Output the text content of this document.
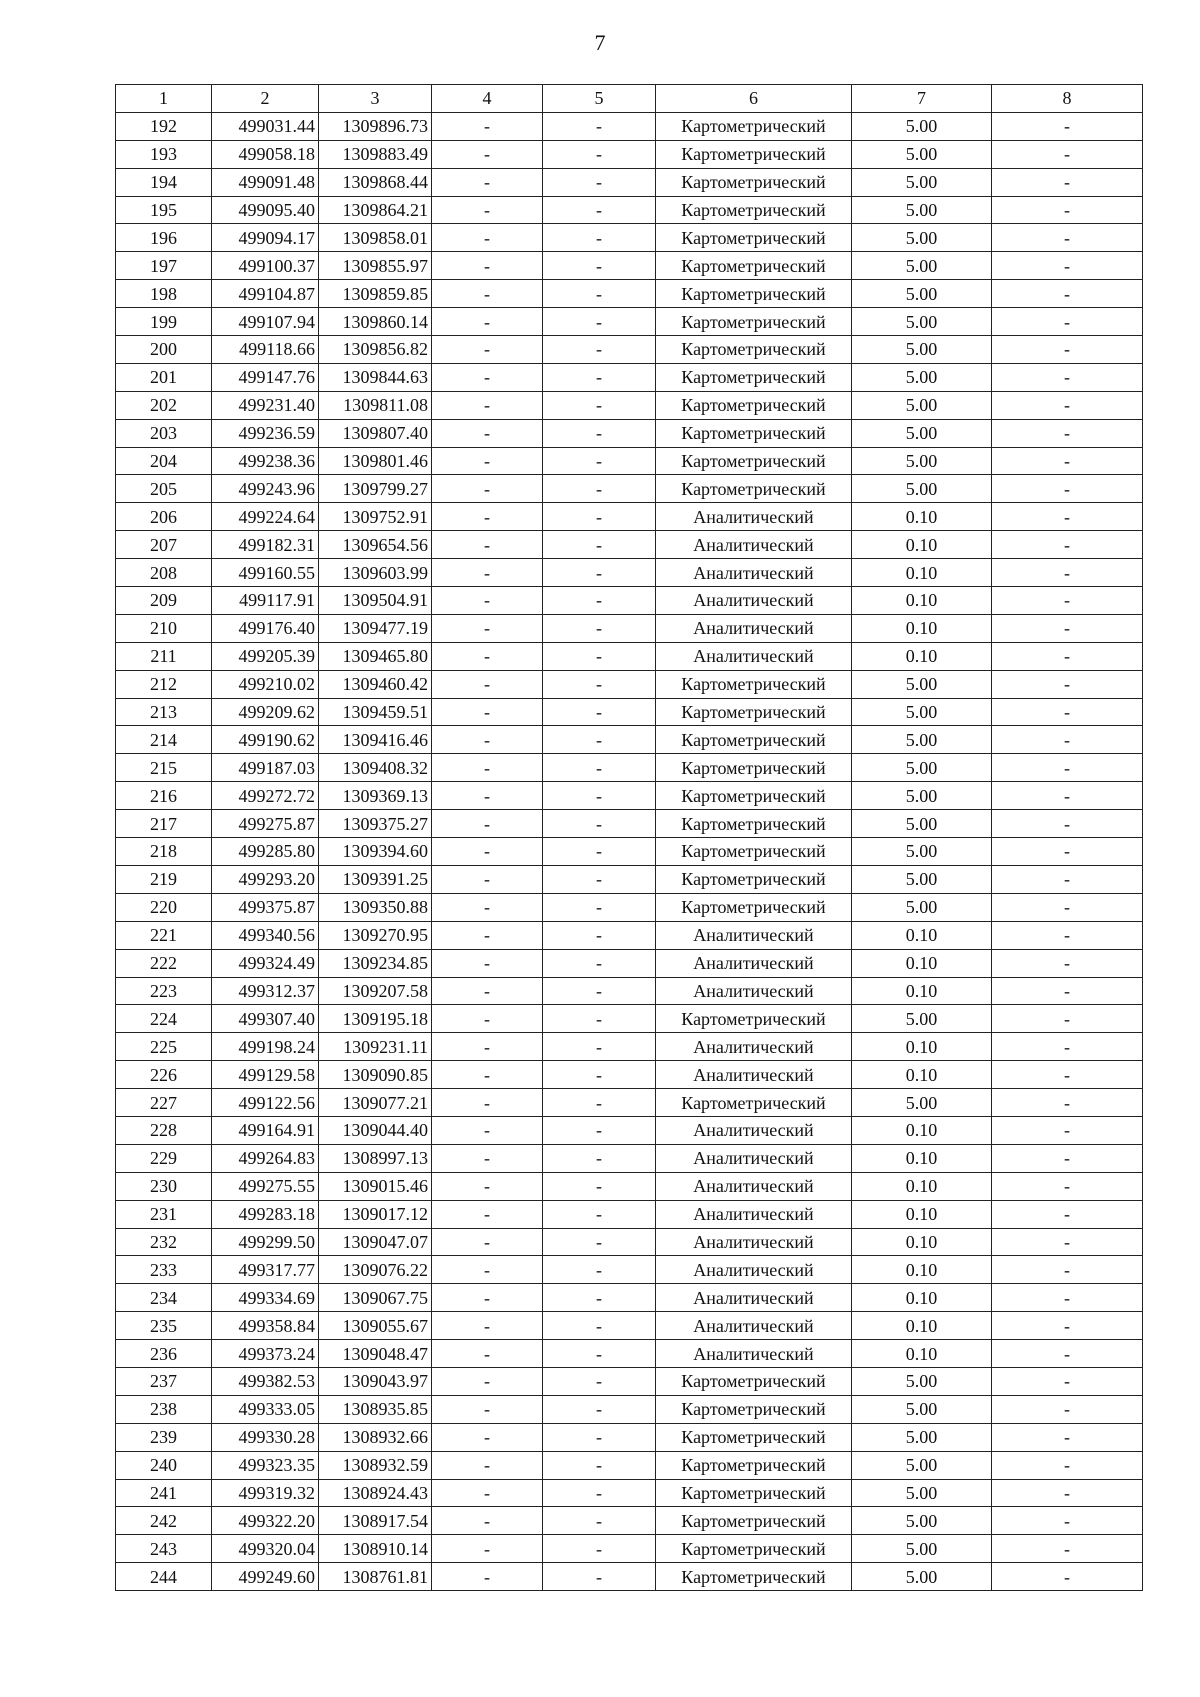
7
1	2	3	4	5	6	7	8
192	499031.44	1309896.73	-	-	Картометрический	5.00	-
193	499058.18	1309883.49	-	-	Картометрический	5.00	-
194	499091.48	1309868.44	-	-	Картометрический	5.00	-
195	499095.40	1309864.21	-	-	Картометрический	5.00	-
196	499094.17	1309858.01	-	-	Картометрический	5.00	-
197	499100.37	1309855.97	-	-	Картометрический	5.00	-
198	499104.87	1309859.85	-	-	Картометрический	5.00	-
199	499107.94	1309860.14	-	-	Картометрический	5.00	-
200	499118.66	1309856.82	-	-	Картометрический	5.00	-
201	499147.76	1309844.63	-	-	Картометрический	5.00	-
202	499231.40	1309811.08	-	-	Картометрический	5.00	-
203	499236.59	1309807.40	-	-	Картометрический	5.00	-
204	499238.36	1309801.46	-	-	Картометрический	5.00	-
205	499243.96	1309799.27	-	-	Картометрический	5.00	-
206	499224.64	1309752.91	-	-	Аналитический	0.10	-
207	499182.31	1309654.56	-	-	Аналитический	0.10	-
208	499160.55	1309603.99	-	-	Аналитический	0.10	-
209	499117.91	1309504.91	-	-	Аналитический	0.10	-
210	499176.40	1309477.19	-	-	Аналитический	0.10	-
211	499205.39	1309465.80	-	-	Аналитический	0.10	-
212	499210.02	1309460.42	-	-	Картометрический	5.00	-
213	499209.62	1309459.51	-	-	Картометрический	5.00	-
214	499190.62	1309416.46	-	-	Картометрический	5.00	-
215	499187.03	1309408.32	-	-	Картометрический	5.00	-
216	499272.72	1309369.13	-	-	Картометрический	5.00	-
217	499275.87	1309375.27	-	-	Картометрический	5.00	-
218	499285.80	1309394.60	-	-	Картометрический	5.00	-
219	499293.20	1309391.25	-	-	Картометрический	5.00	-
220	499375.87	1309350.88	-	-	Картометрический	5.00	-
221	499340.56	1309270.95	-	-	Аналитический	0.10	-
222	499324.49	1309234.85	-	-	Аналитический	0.10	-
223	499312.37	1309207.58	-	-	Аналитический	0.10	-
224	499307.40	1309195.18	-	-	Картометрический	5.00	-
225	499198.24	1309231.11	-	-	Аналитический	0.10	-
226	499129.58	1309090.85	-	-	Аналитический	0.10	-
227	499122.56	1309077.21	-	-	Картометрический	5.00	-
228	499164.91	1309044.40	-	-	Аналитический	0.10	-
229	499264.83	1308997.13	-	-	Аналитический	0.10	-
230	499275.55	1309015.46	-	-	Аналитический	0.10	-
231	499283.18	1309017.12	-	-	Аналитический	0.10	-
232	499299.50	1309047.07	-	-	Аналитический	0.10	-
233	499317.77	1309076.22	-	-	Аналитический	0.10	-
234	499334.69	1309067.75	-	-	Аналитический	0.10	-
235	499358.84	1309055.67	-	-	Аналитический	0.10	-
236	499373.24	1309048.47	-	-	Аналитический	0.10	-
237	499382.53	1309043.97	-	-	Картометрический	5.00	-
238	499333.05	1308935.85	-	-	Картометрический	5.00	-
239	499330.28	1308932.66	-	-	Картометрический	5.00	-
240	499323.35	1308932.59	-	-	Картометрический	5.00	-
241	499319.32	1308924.43	-	-	Картометрический	5.00	-
242	499322.20	1308917.54	-	-	Картометрический	5.00	-
243	499320.04	1308910.14	-	-	Картометрический	5.00	-
244	499249.60	1308761.81	-	-	Картометрический	5.00	-
